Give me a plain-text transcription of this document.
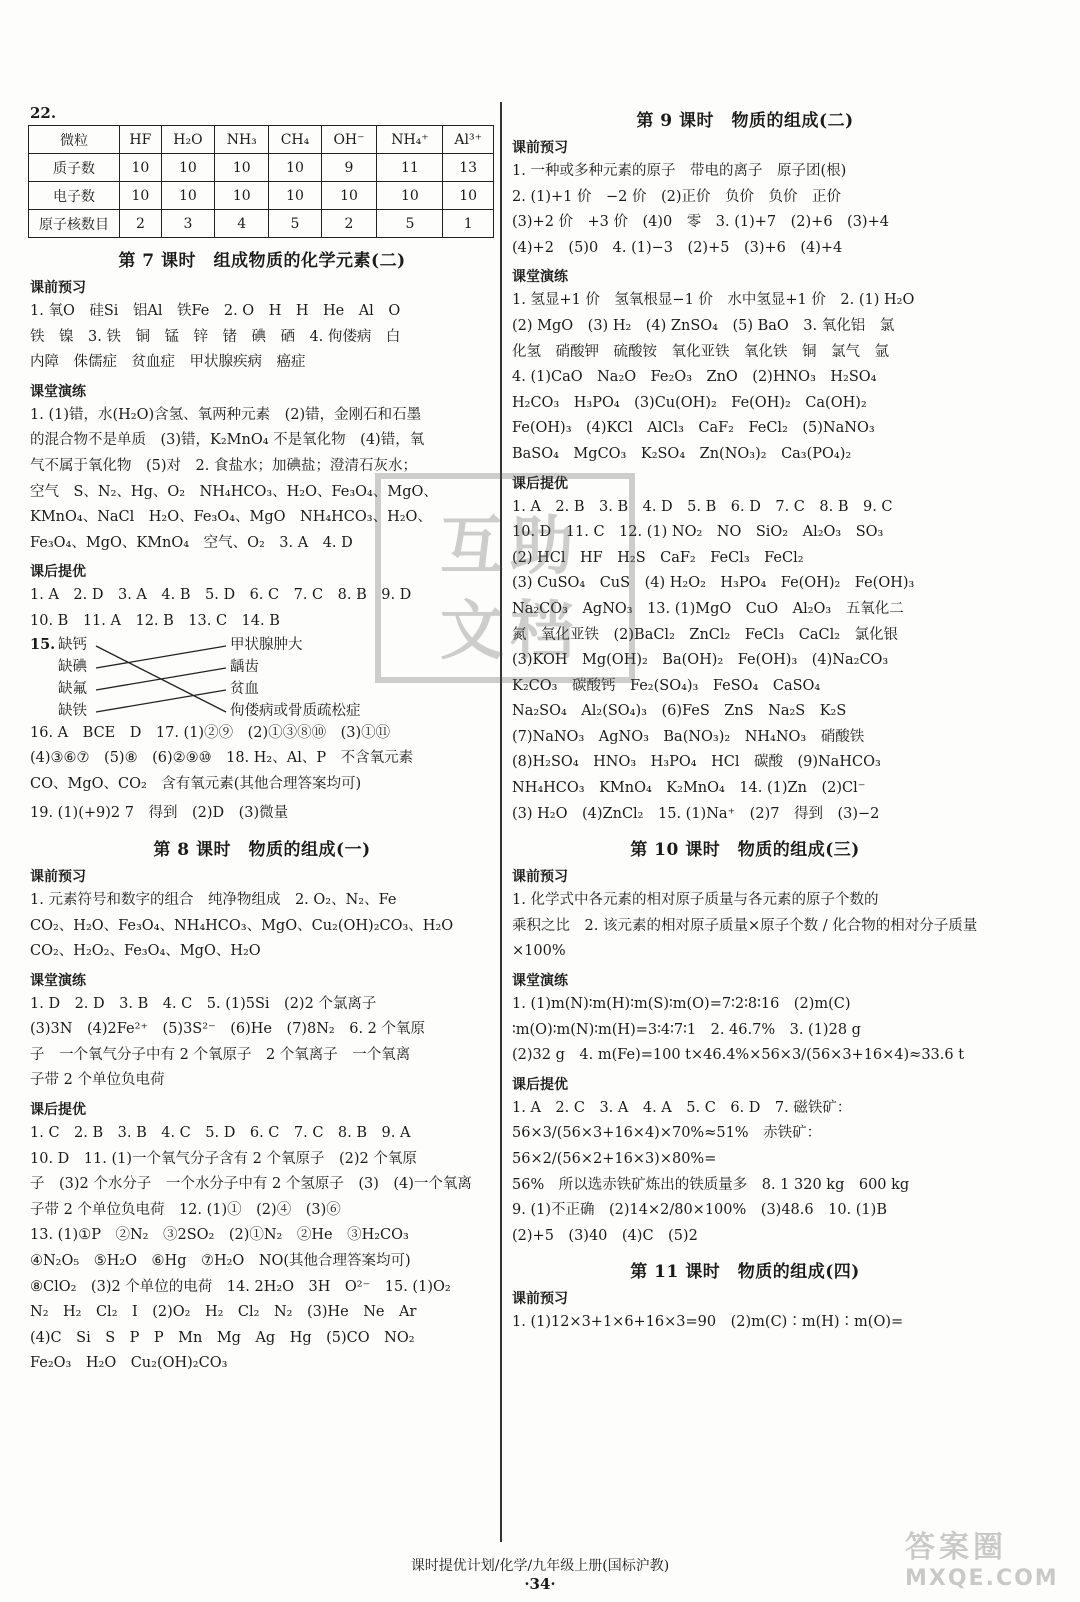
22.
微粒	HF	H₂O	NH₃	CH₄	OH⁻	NH₄⁺	Al³⁺
质子数	10	10	10	10	9	11	13
电子数	10	10	10	10	10	10	10
原子核数目	2	3	4	5	2	5	1
第 7 课时　组成物质的化学元素(二)
课前预习
1. 氧O　硅Si　铝Al　铁Fe　2. O　H　H　He　Al　O
铁　镍　3. 铁　铜　锰　锌　锗　碘　硒　4. 佝偻病　白
内障　侏儒症　贫血症　甲状腺疾病　癌症
课堂演练
1. (1)错，水(H₂O)含氢、氧两种元素　(2)错，金刚石和石墨
的混合物不是单质　(3)错，K₂MnO₄ 不是氧化物　(4)错，氧
气不属于氧化物　(5)对　2. 食盐水；加碘盐；澄清石灰水；
空气　S、N₂、Hg、O₂　NH₄HCO₃、H₂O、Fe₃O₄、MgO、
KMnO₄、NaCl　H₂O、Fe₃O₄、MgO　NH₄HCO₃、H₂O、
Fe₃O₄、MgO、KMnO₄　空气、O₂　3. A　4. D
课后提优
1. A　2. D　3. A　4. B　5. D　6. C　7. C　8. B　9. D
10. B　11. A　12. B　13. C　14. B
15. 缺钙
缺碘
缺氟
缺铁
甲状腺肿大
龋齿
贫血
佝偻病或骨质疏松症
16. A　BCE　D　17. (1)②⑨　(2)①③⑧⑩　(3)①⑪
(4)③⑥⑦　(5)⑧　(6)②⑨⑩　18. H₂、Al、P　不含氧元素
CO、MgO、CO₂　含有氧元素(其他合理答案均可)
19. (1)(+9)2 7　得到　(2)D　(3)微量
第 8 课时　物质的组成(一)
课前预习
1. 元素符号和数字的组合　纯净物组成　2. O₂、N₂、Fe
CO₂、H₂O、Fe₃O₄、NH₄HCO₃、MgO、Cu₂(OH)₂CO₃、H₂O
CO₂、H₂O₂、Fe₃O₄、MgO、H₂O
课堂演练
1. D　2. D　3. B　4. C　5. (1)5Si　(2)2 个氯离子
(3)3N　(4)2Fe²⁺　(5)3S²⁻　(6)He　(7)8N₂　6. 2 个氧原
子　一个氧气分子中有 2 个氧原子　2 个氧离子　一个氧离
子带 2 个单位负电荷
课后提优
1. C　2. B　3. B　4. C　5. D　6. C　7. C　8. B　9. A
10. D　11. (1)一个氧气分子含有 2 个氧原子　(2)2 个氧原
子　(3)2 个水分子　一个水分子中有 2 个氢原子　(3)　(4)一个氧离
子带 2 个单位负电荷　12. (1)①　(2)④　(3)⑥
13. (1)①P　②N₂　③2SO₂　(2)①N₂　②He　③H₂CO₃
④N₂O₅　⑤H₂O　⑥Hg　⑦H₂O　NO(其他合理答案均可)
⑧ClO₂　(3)2 个单位的电荷　14. 2H₂O　3H　O²⁻　15. (1)O₂
N₂　H₂　Cl₂　I　(2)O₂　H₂　Cl₂　N₂　(3)He　Ne　Ar
(4)C　Si　S　P　P　Mn　Mg　Ag　Hg　(5)CO　NO₂
Fe₂O₃　H₂O　Cu₂(OH)₂CO₃
第 9 课时　物质的组成(二)
课前预习
1. 一种或多种元素的原子　带电的离子　原子团(根)
2. (1)+1 价　−2 价　(2)正价　负价　负价　正价
(3)+2 价　+3 价　(4)0　零　3. (1)+7　(2)+6　(3)+4
(4)+2　(5)0　4. (1)−3　(2)+5　(3)+6　(4)+4
课堂演练
1. 氢显+1 价　氢氧根显−1 价　水中氢显+1 价　2. (1) H₂O
(2) MgO　(3) H₂　(4) ZnSO₄　(5) BaO　3. 氧化铝　氯
化氢　硝酸钾　硫酸铵　氧化亚铁　氧化铁　铜　氯气　氩
4. (1)CaO　Na₂O　Fe₂O₃　ZnO　(2)HNO₃　H₂SO₄
H₂CO₃　H₃PO₄　(3)Cu(OH)₂　Fe(OH)₂　Ca(OH)₂
Fe(OH)₃　(4)KCl　AlCl₃　CaF₂　FeCl₂　(5)NaNO₃
BaSO₄　MgCO₃　K₂SO₄　Zn(NO₃)₂　Ca₃(PO₄)₂
课后提优
1. A　2. B　3. B　4. D　5. B　6. D　7. C　8. B　9. C
10. D　11. C　12. (1) NO₂　NO　SiO₂　Al₂O₃　SO₃
(2) HCl　HF　H₂S　CaF₂　FeCl₃　FeCl₂
(3) CuSO₄　CuS　(4) H₂O₂　H₃PO₄　Fe(OH)₂　Fe(OH)₃
Na₂CO₃　AgNO₃　13. (1)MgO　CuO　Al₂O₃　五氧化二
氮　氧化亚铁　(2)BaCl₂　ZnCl₂　FeCl₃　CaCl₂　氯化银
(3)KOH　Mg(OH)₂　Ba(OH)₂　Fe(OH)₃　(4)Na₂CO₃
K₂CO₃　碳酸钙　Fe₂(SO₄)₃　FeSO₄　CaSO₄
Na₂SO₄　Al₂(SO₄)₃　(6)FeS　ZnS　Na₂S　K₂S
(7)NaNO₃　AgNO₃　Ba(NO₃)₂　NH₄NO₃　硝酸铁
(8)H₂SO₄　HNO₃　H₃PO₄　HCl　碳酸　(9)NaHCO₃
NH₄HCO₃　KMnO₄　K₂MnO₄　14. (1)Zn　(2)Cl⁻
(3) H₂O　(4)ZnCl₂　15. (1)Na⁺　(2)7　得到　(3)−2
第 10 课时　物质的组成(三)
课前预习
1. 化学式中各元素的相对原子质量与各元素的原子个数的
乘积之比　2. 该元素的相对原子质量×原子个数 / 化合物的相对分子质量 ×100%
课堂演练
1. (1)m(N)∶m(H)∶m(S)∶m(O)=7∶2∶8∶16　(2)m(C)
∶m(O)∶m(N)∶m(H)=3∶4∶7∶1　2. 46.7%　3. (1)28 g
(2)32 g　4. m(Fe)=100 t×46.4%×56×3/(56×3+16×4)≈33.6 t
课后提优
1. A　2. C　3. A　4. A　5. C　6. D　7. 磁铁矿：
56×3/(56×3+16×4)×70%≈51%　赤铁矿：56×2/(56×2+16×3)×80%=
56%　所以选赤铁矿炼出的铁质量多　8. 1 320 kg　600 kg
9. (1)不正确　(2)14×2/80×100%　(3)48.6　10. (1)B
(2)+5　(3)40　(4)C　(5)2
第 11 课时　物质的组成(四)
课前预习
1. (1)12×3+1×6+16×3=90　(2)m(C)∶m(H)∶m(O)=
互 助
文 档
课时提优计划/化学/九年级上册(国标沪教)
·34·
答案圈
MXQE.COM
